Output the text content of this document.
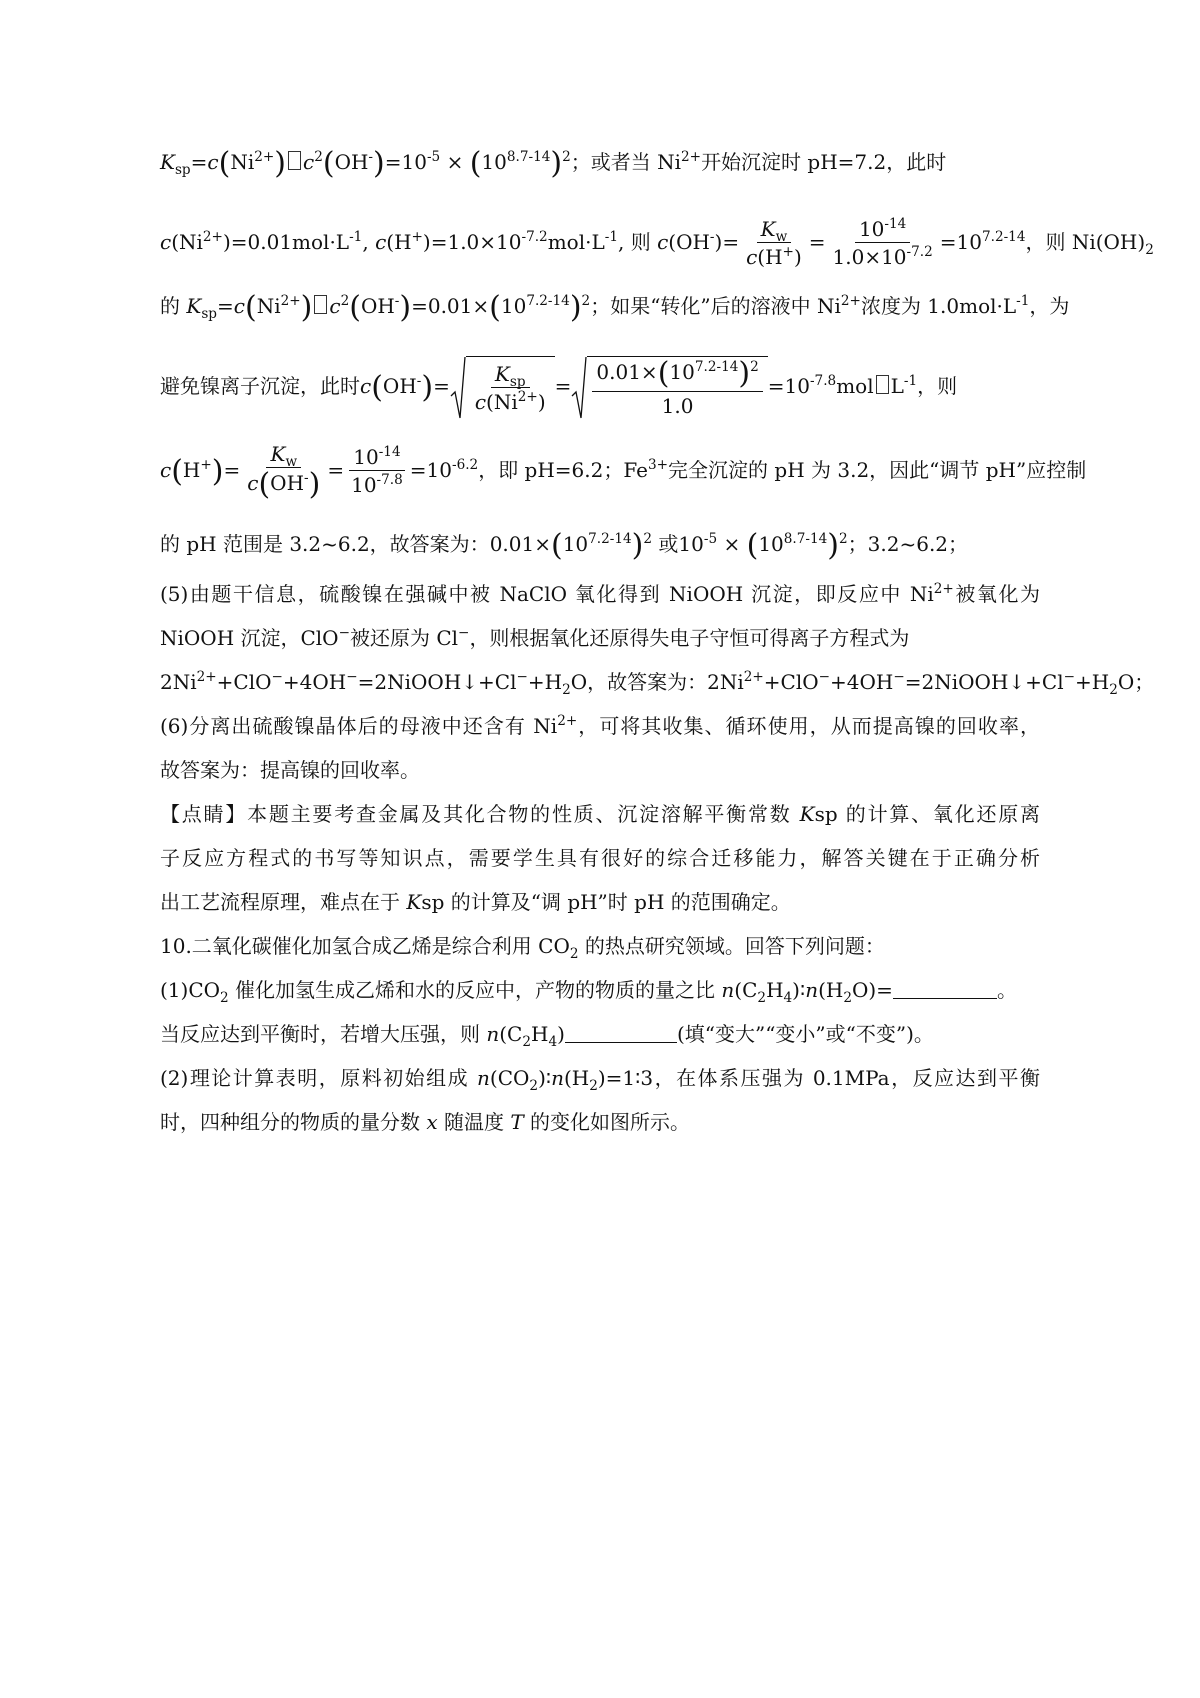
$K_{sp}=c(Ni^{2+}) c^2(OH^-)=10^{-5} \times (10^{8.7-14})^2$；或者当 $Ni^{2+}$开始沉淀时 pH=7.2，此时
$c(Ni^{2+})=0.01mol\cdot L^{-1}$, $c(H^+)=1.0\times 10^{-7.2}mol\cdot L^{-1}$, 则 $c(OH^-)= \frac{K_w}{c(H^+)} = \frac{10^{-14}}{1.0\times 10^{-7.2}} =10^{7.2-14}$，则 $Ni(OH)_2$
的 $K_{sp}=c(Ni^{2+})$ $c^2(OH^-)=0.01\times(10^{7.2-14})^2$；如果“转化”后的溶液中 $Ni^{2+}$浓度为 $1.0mol\cdot L^{-1}$，为
避免镍离子沉淀，此时$c(OH^-)= \frac{K_{sp}}{c(Ni^{2+})} = \frac{0.01\times(10^{7.2-14})^2}{1.0} =10^{-7.8}mol$ $L^{-1}$，则
$c(H^+)= \frac{K_w}{c(OH^-)} = \frac{10^{-14}}{10^{-7.8}} =10^{-6.2}$，即 pH=6.2；$Fe^{3+}$完全沉淀的 pH 为 3.2，因此“调节 pH”应控制
的 pH 范围是 3.2~6.2，故答案为：$0.01\times(10^{7.2-14})^2$ 或$10^{-5} \times (10^{8.7-14})^2$；3.2~6.2；
(5)由题干信息，硫酸镍在强碱中被 NaClO 氧化得到 NiOOH 沉淀，即反应中 $Ni^{2+}$被氧化为
NiOOH 沉淀，ClO−被还原为 Cl−，则根据氧化还原得失电子守恒可得离子方程式为
$2Ni^{2+}+ClO^-+4OH^-=2NiOOH↓+Cl^-+H_2O$，故答案为：$2Ni^{2+}+ClO^-+4OH^-=2NiOOH↓+Cl^-+H_2O$；
(6)分离出硫酸镍晶体后的母液中还含有 $Ni^{2+}$，可将其收集、循环使用，从而提高镍的回收率，
故答案为：提高镍的回收率。
【点睛】本题主要考查金属及其化合物的性质、沉淀溶解平衡常数 Ksp 的计算、氧化还原离
子反应方程式的书写等知识点，需要学生具有很好的综合迁移能力，解答关键在于正确分析
出工艺流程原理，难点在于 Ksp 的计算及“调 pH”时 pH 的范围确定。
10.二氧化碳催化加氢合成乙烯是综合利用 $CO_2$ 的热点研究领域。回答下列问题：
$(1)CO_2$ 催化加氢生成乙烯和水的反应中，产物的物质的量之比 $n(C_2H_4)∶n(H_2O)=$	。
当反应达到平衡时，若增大压强，则 $n(C_2H_4)$	(填“变大”“变小”或“不变”)。
(2)理论计算表明，原料初始组成 $n(CO_2)∶n(H_2)=1∶3$，在体系压强为 0.1MPa，反应达到平衡
时，四种组分的物质的量分数 x 随温度 T 的变化如图所示。
